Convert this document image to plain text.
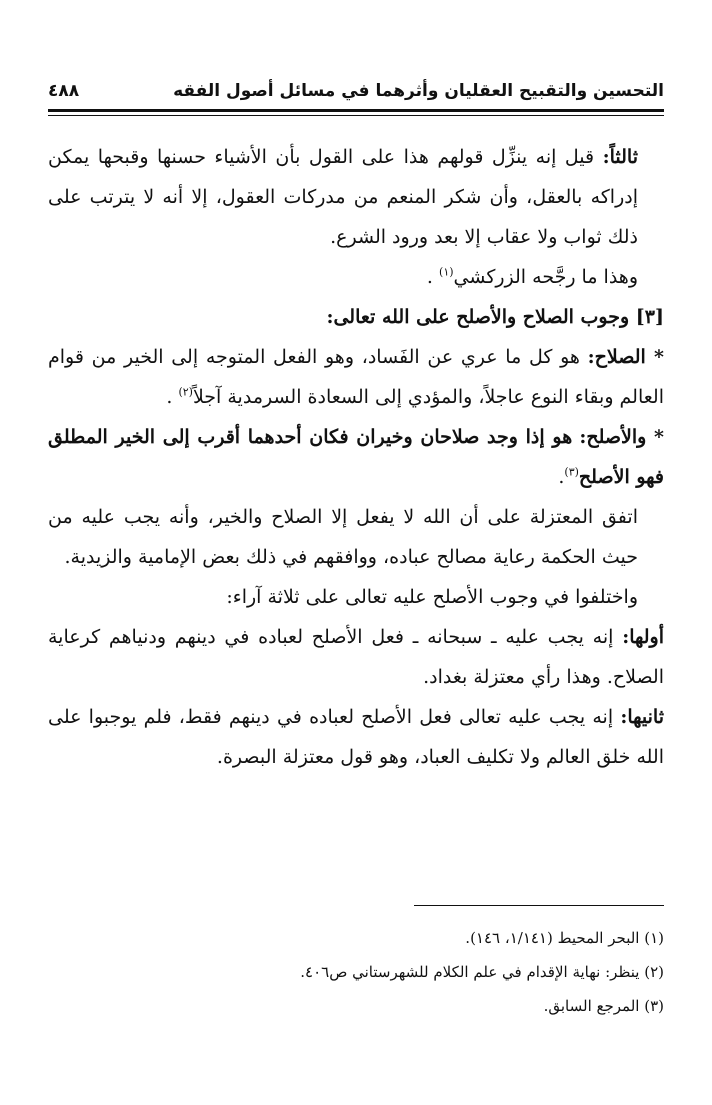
التحسين والتقبيح العقليان وأثرهما في مسائل أصول الفقه
٤٨٨

ثالثاً: قيل إنه ينزِّل قولهم هذا على القول بأن الأشياء حسنها وقبحها يمكن إدراكه بالعقل، وأن شكر المنعم من مدركات العقول، إلا أنه لا يترتب على ذلك ثواب ولا عقاب إلا بعد ورود الشرع.

وهذا ما رجَّحه الزركشي$^{(١)}$ .

[٣] وجوب الصلاح والأصلح على الله تعالى:

* الصلاح: هو كل ما عري عن الفَساد، وهو الفعل المتوجه إلى الخير من قوام العالم وبقاء النوع عاجلاً، والمؤدي إلى السعادة السرمدية آجلاً$^{(٢)}$ .

* والأصلح: هو إذا وجد صلاحان وخيران فكان أحدهما أقرب إلى الخير المطلق فهو الأصلح$^{(٣)}$.

اتفق المعتزلة على أن الله لا يفعل إلا الصلاح والخير، وأنه يجب عليه من حيث الحكمة رعاية مصالح عباده، ووافقهم في ذلك بعض الإمامية والزيدية.

واختلفوا في وجوب الأصلح عليه تعالى على ثلاثة آراء:

أولها: إنه يجب عليه ـ سبحانه ـ فعل الأصلح لعباده في دينهم ودنياهم كرعاية الصلاح. وهذا رأي معتزلة بغداد.

ثانيها: إنه يجب عليه تعالى فعل الأصلح لعباده في دينهم فقط، فلم يوجبوا على الله خلق العالم ولا تكليف العباد، وهو قول معتزلة البصرة.

(١) البحر المحيط (١/١٤١، ١٤٦).
(٢) ينظر: نهاية الإقدام في علم الكلام للشهرستاني ص٤٠٦.
(٣) المرجع السابق.
